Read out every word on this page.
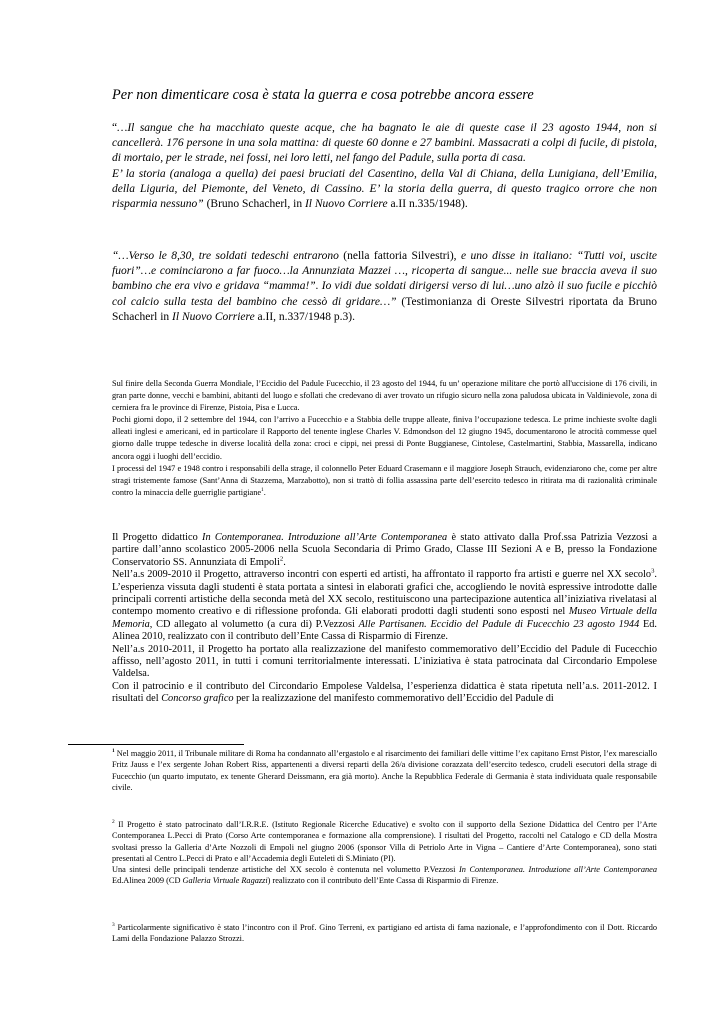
Per non dimenticare cosa è stata la guerra e cosa potrebbe ancora essere

“…Il sangue che ha macchiato queste acque, che ha bagnato le aie di queste case il 23 agosto 1944, non si cancellerà. 176 persone in una sola mattina: di queste 60 donne e 27 bambini. Massacrati a colpi di fucile, di pistola, di mortaio, per le strade, nei fossi, nei loro letti, nel fango del Padule, sulla porta di casa.

E’ la storia (analoga a quella) dei paesi bruciati del Casentino, della Val di Chiana, della Lunigiana, dell’Emilia, della Liguria, del Piemonte, del Veneto, di Cassino. E’ la storia della guerra, di questo tragico orrore che non risparmia nessuno” (Bruno Schacherl, in Il Nuovo Corriere a.II n.335/1948).

“…Verso le 8,30, tre soldati tedeschi entrarono (nella fattoria Silvestri), e uno disse in italiano: “Tutti voi, uscite fuori”…e cominciarono a far fuoco…la Annunziata Mazzei …, ricoperta di sangue... nelle sue braccia aveva il suo bambino che era vivo e gridava “mamma!”. Io vidi due soldati dirigersi verso di lui…uno alzò il suo fucile e picchiò col calcio sulla testa del bambino che cessò di gridare…” (Testimonianza di Oreste Silvestri riportata da Bruno Schacherl in Il Nuovo Corriere a.II, n.337/1948 p.3).

Sul finire della Seconda Guerra Mondiale, l’Eccidio del Padule Fucecchio, il 23 agosto del 1944, fu un’ operazione militare che portò all'uccisione di 176 civili, in gran parte donne, vecchi e bambini, abitanti del luogo e sfollati che credevano di aver trovato un rifugio sicuro nella zona paludosa ubicata in Valdinievole, zona di cerniera fra le province di Firenze, Pistoia, Pisa e Lucca.

Pochi giorni dopo, il 2 settembre del 1944, con l’arrivo a Fucecchio e a Stabbia delle truppe alleate, finiva l’occupazione tedesca. Le prime inchieste svolte dagli alleati inglesi e americani, ed in particolare il Rapporto del tenente inglese Charles V. Edmondson del 12 giugno 1945, documentarono le atrocità commesse quel giorno dalle truppe tedesche in diverse località della zona: croci e cippi, nei pressi di Ponte Buggianese, Cintolese, Castelmartini, Stabbia, Massarella, indicano ancora oggi i luoghi dell’eccidio.

I processi del 1947 e 1948 contro i responsabili della strage, il colonnello Peter Eduard Crasemann e il maggiore Joseph Strauch, evidenziarono che, come per altre stragi tristemente famose (Sant’Anna di Stazzema, Marzabotto), non si trattò di follia assassina parte dell’esercito tedesco in ritirata ma di razionalità criminale contro la minaccia delle guerriglie partigiane$^1$.

Il Progetto didattico In Contemporanea. Introduzione all’Arte Contemporanea è stato attivato dalla Prof.ssa Patrizia Vezzosi a partire dall’anno scolastico 2005-2006 nella Scuola Secondaria di Primo Grado, Classe III Sezioni A e B, presso la Fondazione Conservatorio SS. Annunziata di Empoli$^2$.

Nell’a.s 2009-2010 il Progetto, attraverso incontri con esperti ed artisti, ha affrontato il rapporto fra artisti e guerre nel XX secolo$^3$. L’esperienza vissuta dagli studenti è stata portata a sintesi in elaborati grafici che, accogliendo le novità espressive introdotte dalle principali correnti artistiche della seconda metà del XX secolo, restituiscono una partecipazione autentica all’iniziativa rivelatasi al contempo momento creativo e di riflessione profonda. Gli elaborati prodotti dagli studenti sono esposti nel Museo Virtuale della Memoria, CD allegato al volumetto (a cura di) P.Vezzosi Alle Partisanen. Eccidio del Padule di Fucecchio 23 agosto 1944 Ed. Alinea 2010, realizzato con il contributo dell’Ente Cassa di Risparmio di Firenze.

Nell’a.s 2010-2011, il Progetto ha portato alla realizzazione del manifesto commemorativo dell’Eccidio del Padule di Fucecchio affisso, nell’agosto 2011, in tutti i comuni territorialmente interessati. L’iniziativa è stata patrocinata dal Circondario Empolese Valdelsa.

Con il patrocinio e il contributo del Circondario Empolese Valdelsa, l’esperienza didattica è stata ripetuta nell’a.s. 2011-2012. I risultati del Concorso grafico per la realizzazione del manifesto commemorativo dell’Eccidio del Padule di

$^1$ Nel maggio 2011, il Tribunale militare di Roma ha condannato all’ergastolo e al risarcimento dei familiari delle vittime l’ex capitano Ernst Pistor, l’ex maresciallo Fritz Jauss e l’ex sergente Johan Robert Riss, appartenenti a diversi reparti della 26/a divisione corazzata dell’esercito tedesco, crudeli esecutori della strage di Fucecchio (un quarto imputato, ex tenente Gherard Deissmann, era già morto). Anche la Repubblica Federale di Germania è stata individuata quale responsabile civile.

$^2$ Il Progetto è stato patrocinato dall’I.R.R.E. (Istituto Regionale Ricerche Educative) e svolto con il supporto della Sezione Didattica del Centro per l’Arte Contemporanea L.Pecci di Prato (Corso Arte contemporanea e formazione alla comprensione). I risultati del Progetto, raccolti nel Catalogo e CD della Mostra svoltasi presso la Galleria d’Arte Nozzoli di Empoli nel giugno 2006 (sponsor Villa di Petriolo Arte in Vigna – Cantiere d’Arte Contemporanea), sono stati presentati al Centro L.Pecci di Prato e all’Accademia degli Euteleti di S.Miniato (PI).

Una sintesi delle principali tendenze artistiche del XX secolo è contenuta nel volumetto P.Vezzosi In Contemporanea. Introduzione all’Arte Contemporanea Ed.Alinea 2009 (CD Galleria Virtuale Ragazzi) realizzato con il contributo dell’Ente Cassa di Risparmio di Firenze.

$^3$ Particolarmente significativo è stato l’incontro con il Prof. Gino Terreni, ex partigiano ed artista di fama nazionale, e l’approfondimento con il Dott. Riccardo Lami della Fondazione Palazzo Strozzi.
